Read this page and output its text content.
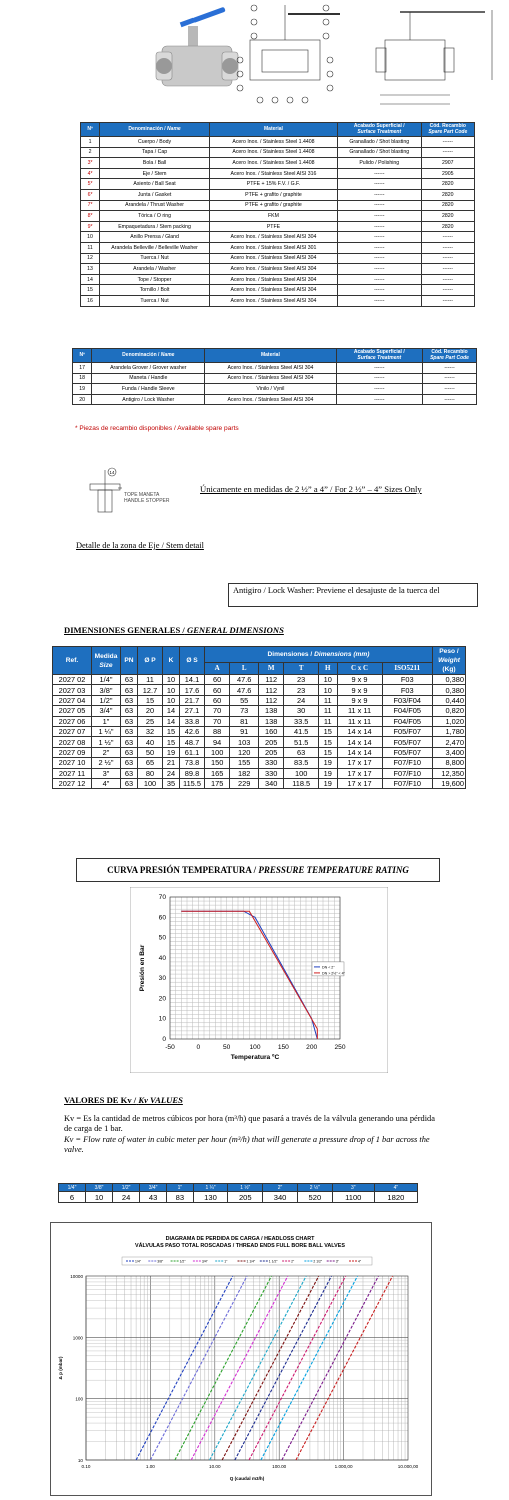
Nº	Denominación / Name	Material	Acabado Superficial /
Surface Treatment	Cód. Recambio
Spare Part Code
1	Cuerpo / Body	Acero Inox. / Stainless Steel 1.4408	Granallado / Shot blasting	------
2	Tapa / Cap	Acero Inox. / Stainless Steel 1.4408	Granallado / Shot blasting	------
3*	Bola / Ball	Acero Inox. / Stainless Steel 1.4408	Pulido / Polishing	2907
4*	Eje / Stem	Acero Inox. / Stainless Steel AISI 316	------	2905
5*	Asiento / Ball Seat	PTFE + 15% F.V. / G.F.	------	2820
6*	Junta / Gasket	PTFE + grafito / graphite	------	2820
7*	Arandela / Thrust Washer	PTFE + grafito / graphite	------	2820
8*	Tórica / O ring	FKM	------	2820
9*	Empaquetadura / Stem packing	PTFE	------	2820
10	Anillo Prensa / Gland	Acero Inox. / Stainless Steel AISI 304	------	------
11	Arandela Belleville / Belleville Washer	Acero Inox. / Stainless Steel AISI 301	------	------
12	Tuerca / Nut	Acero Inox. / Stainless Steel AISI 304	------	------
13	Arandela / Washer	Acero Inox. / Stainless Steel AISI 304	------	------
14	Tope / Stopper	Acero Inox. / Stainless Steel AISI 304	------	------
15	Tornillo / Bolt	Acero Inox. / Stainless Steel AISI 304	------	------
16	Tuerca / Nut	Acero Inox. / Stainless Steel AISI 304	------	------
Nº	Denominación / Name	Material	Acabado Superficial /
Surface Treatment	Cód. Recambio
Spare Part Code
17	Arandela Grover / Grover washer	Acero Inox. / Stainless Steel AISI 304	------	------
18	Maneta / Handle	Acero Inox. / Stainless Steel AISI 304	------	------
19	Funda / Handle Sleeve	Vinilo / Vynil	------	------
20	Antigiro / Lock Washer	Acero Inox. / Stainless Steel AISI 304	------	------
* Piezas de recambio disponibles / Available spare parts
14
TOPE MANETA
HANDLE STOPPER
Únicamente en medidas de 2 ½” a 4” / For 2 ½” – 4” Sizes Only
Detalle de la zona de Eje / Stem detail
Antigiro / Lock Washer: Previene el desajuste de la tuerca del
DIMENSIONES GENERALES / GENERAL DIMENSIONS
Ref.	Medida
Size	PN	Ø P	K	Ø S	Dimensiones / Dimensions (mm)							Peso /
Weight
(Kg)
						A	L	M	T	H	C x C	ISO5211	
2027 02	1/4"	63	11	10	14.1	60	47.6	112	23	10	9 x 9	F03	0,380
2027 03	3/8"	63	12.7	10	17.6	60	47.6	112	23	10	9 x 9	F03	0,380
2027 04	1/2"	63	15	10	21.7	60	55	112	24	11	9 x 9	F03/F04	0,440
2027 05	3/4"	63	20	14	27.1	70	73	138	30	11	11 x 11	F04/F05	0,820
2027 06	1"	63	25	14	33.8	70	81	138	33.5	11	11 x 11	F04/F05	1,020
2027 07	1 ¼"	63	32	15	42.6	88	91	160	41.5	15	14 x 14	F05/F07	1,780
2027 08	1 ½"	63	40	15	48.7	94	103	205	51.5	15	14 x 14	F05/F07	2,470
2027 09	2"	63	50	19	61.1	100	120	205	63	15	14 x 14	F05/F07	3,400
2027 10	2 ½"	63	65	21	73.8	150	155	330	83.5	19	17 x 17	F07/F10	8,800
2027 11	3"	63	80	24	89.8	165	182	330	100	19	17 x 17	F07/F10	12,350
2027 12	4"	63	100	35	115.5	175	229	340	118.5	19	17 x 17	F07/F10	19,600
CURVA PRESIÓN TEMPERATURA / PRESSURE TEMPERATURE RATING
-50	0	50	100	150	200	250
0
10
20
30
40
50
60
70
Temperatura ºC
Presión en Bar	DN < 2"
DN > 2½" < 4"
VALORES DE Kv / Kv VALUES
Kv = Es la cantidad de metros cúbicos por hora (m³/h) que pasará a través de la válvula generando una pérdida de carga de 1 bar.
Kv = Flow rate of water in cubic meter per hour (m³/h) that will generate a pressure drop of 1 bar across the valve.
1/4"	3/8"	1/2"	3/4"	1"	1 ¼"	1 ½"	2"	2 ½"	3"	4"
6	10	24	43	83	130	205	340	520	1100	1820
DIAGRAMA DE PERDIDA DE CARGA / HEADLOSS CHART
VÁLVULAS PASO TOTAL ROSCADAS / THREAD ENDS FULL BORE BALL VALVES
1/4"	3/8"	1/2"	3/4"	1"	1 1/4"	1 1/2"	2"	2 1/2"	3"	4"
0.10	1.00	10.00	100.00	1.000,00	10.000,00
10
100
1000
10000
Q (caudal m3/h)
Δ p (mbar)
